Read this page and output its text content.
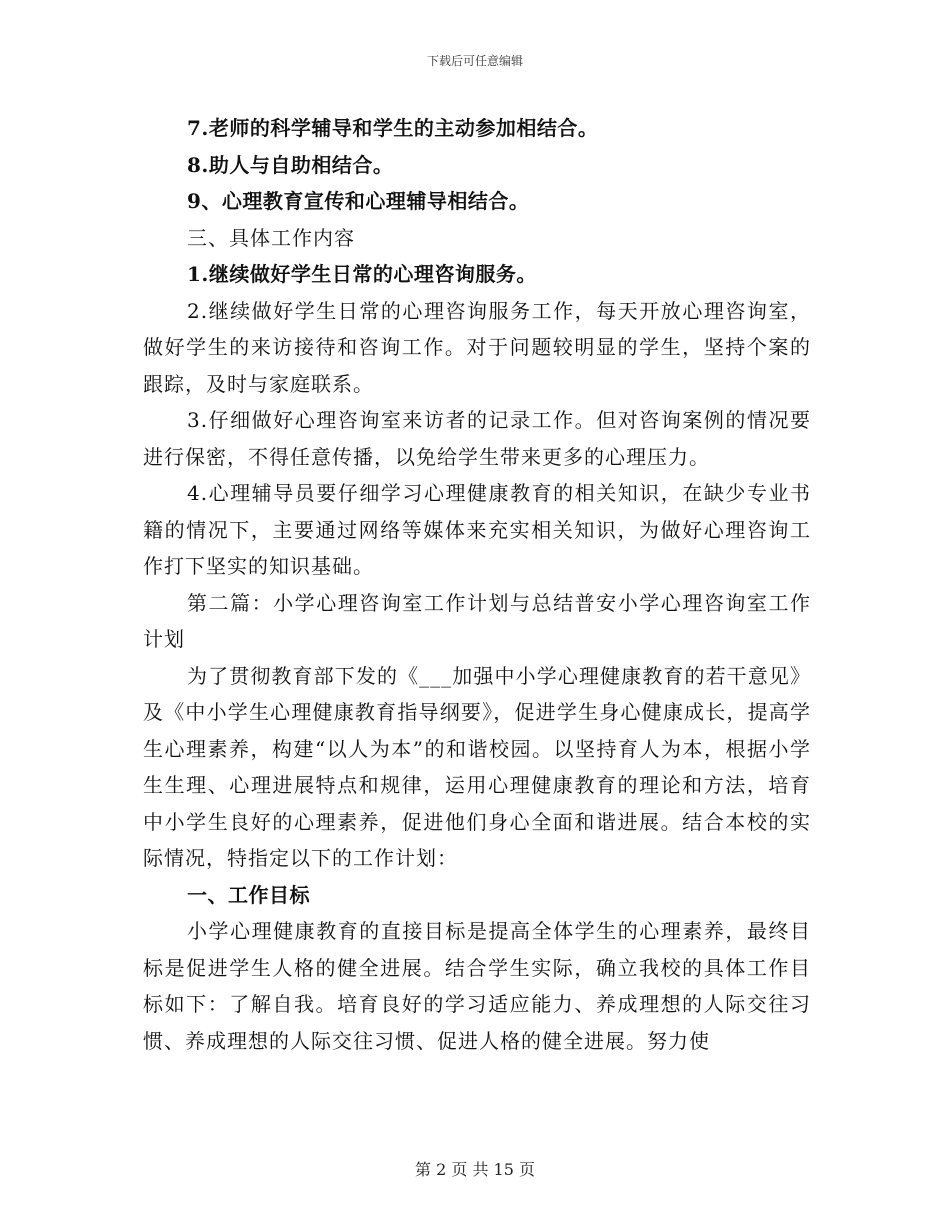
下载后可任意编辑

7.老师的科学辅导和学生的主动参加相结合。

8.助人与自助相结合。

9、心理教育宣传和心理辅导相结合。

三、具体工作内容

1.继续做好学生日常的心理咨询服务。

2.继续做好学生日常的心理咨询服务工作，每天开放心理咨询室，做好学生的来访接待和咨询工作。对于问题较明显的学生，坚持个案的跟踪，及时与家庭联系。

3.仔细做好心理咨询室来访者的记录工作。但对咨询案例的情况要进行保密，不得任意传播，以免给学生带来更多的心理压力。

4.心理辅导员要仔细学习心理健康教育的相关知识，在缺少专业书籍的情况下，主要通过网络等媒体来充实相关知识，为做好心理咨询工作打下坚实的知识基础。

第二篇：小学心理咨询室工作计划与总结普安小学心理咨询室工作计划

为了贯彻教育部下发的《___加强中小学心理健康教育的若干意见》及《中小学生心理健康教育指导纲要》，促进学生身心健康成长，提高学生心理素养，构建“以人为本”的和谐校园。以坚持育人为本，根据小学生生理、心理进展特点和规律，运用心理健康教育的理论和方法，培育中小学生良好的心理素养，促进他们身心全面和谐进展。结合本校的实际情况，特指定以下的工作计划：

一、工作目标

小学心理健康教育的直接目标是提高全体学生的心理素养，最终目标是促进学生人格的健全进展。结合学生实际，确立我校的具体工作目标如下：了解自我。培育良好的学习适应能力、养成理想的人际交往习惯、养成理想的人际交往习惯、促进人格的健全进展。努力使

第 2 页 共 15 页
